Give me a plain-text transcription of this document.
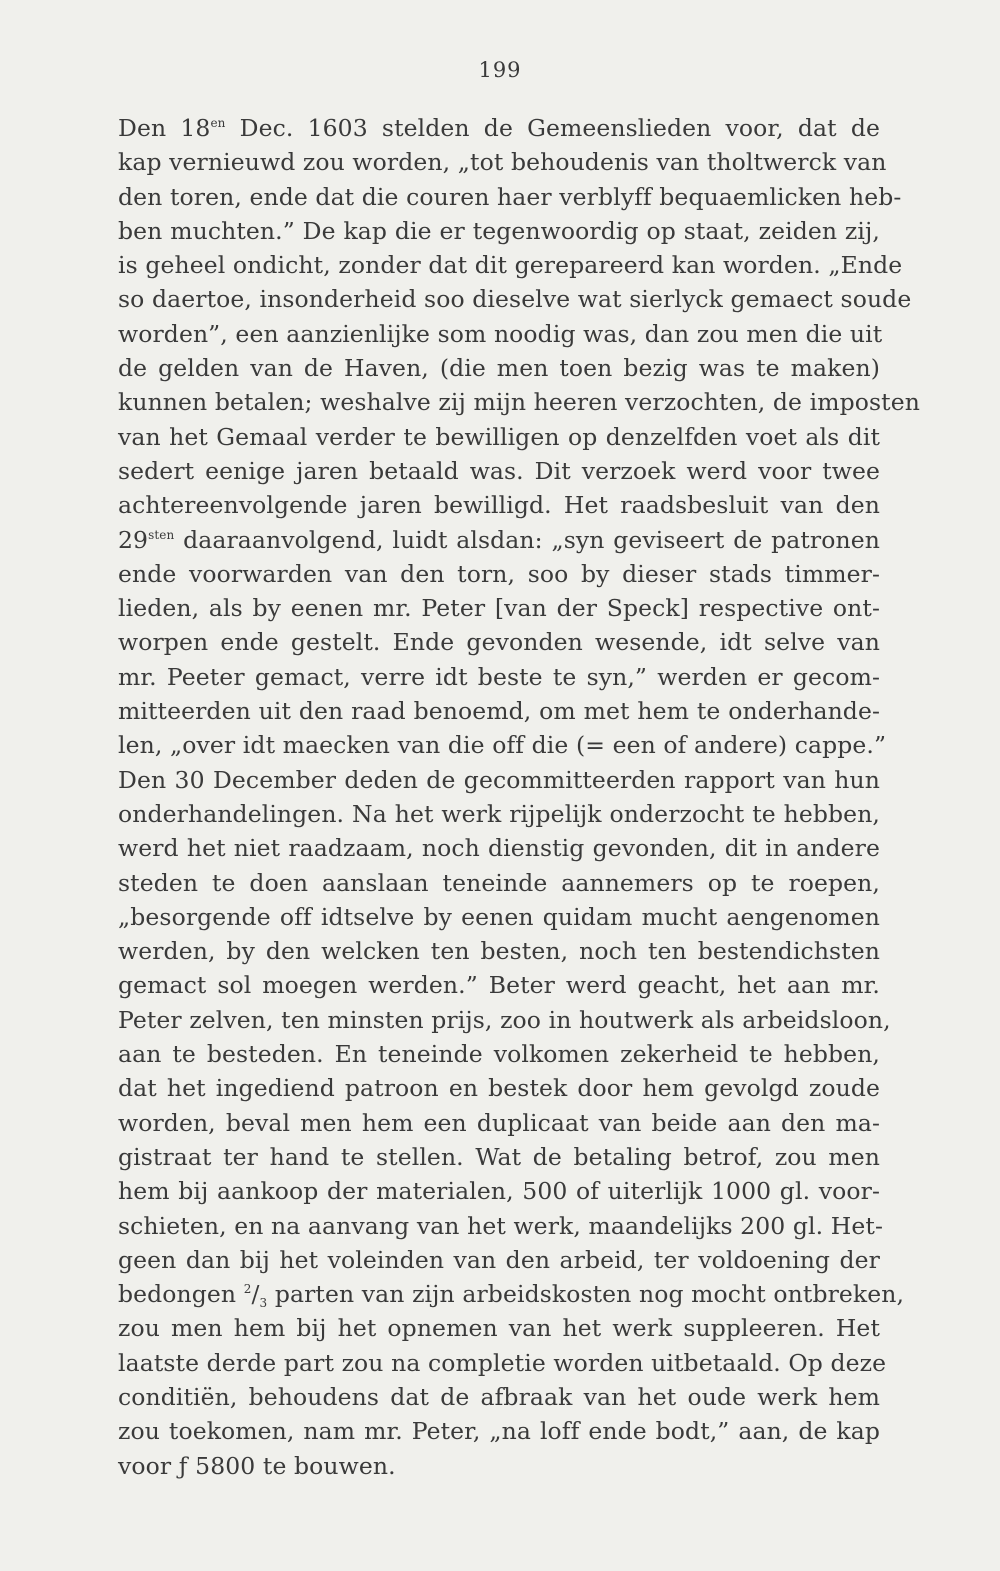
199
Den $18^{en}$ Dec. 1603 stelden de Gemeenslieden voor, dat de
kap vernieuwd zou worden, „tot behoudenis van tholtwerck van
den toren, ende dat die couren haer verblyff bequaemlicken heb-
ben muchten.” De kap die er tegenwoordig op staat, zeiden zij,
is geheel ondicht, zonder dat dit gerepareerd kan worden. „Ende
so daertoe, insonderheid soo dieselve wat sierlyck gemaect soude
worden”, een aanzienlijke som noodig was, dan zou men die uit
de gelden van de Haven, (die men toen bezig was te maken)
kunnen betalen; weshalve zij mijn heeren verzochten, de imposten
van het Gemaal verder te bewilligen op denzelfden voet als dit
sedert eenige jaren betaald was. Dit verzoek werd voor twee
achtereenvolgende jaren bewilligd. Het raadsbesluit van den
$29^{sten}$ daaraanvolgend, luidt alsdan: „syn geviseert de patronen
ende voorwarden van den torn, soo by dieser stads timmer-
lieden, als by eenen mr. Peter [van der Speck] respective ont-
worpen ende gestelt. Ende gevonden wesende, idt selve van
mr. Peeter gemact, verre idt beste te syn,” werden er gecom-
mitteerden uit den raad benoemd, om met hem te onderhande-
len, „over idt maecken van die off die (= een of andere) cappe.”
Den 30 December deden de gecommitteerden rapport van hun
onderhandelingen. Na het werk rijpelijk onderzocht te hebben,
werd het niet raadzaam, noch dienstig gevonden, dit in andere
steden te doen aanslaan teneinde aannemers op te roepen,
„besorgende off idtselve by eenen quidam mucht aengenomen
werden, by den welcken ten besten, noch ten bestendichsten
gemact sol moegen werden.” Beter werd geacht, het aan mr.
Peter zelven, ten minsten prijs, zoo in houtwerk als arbeidsloon,
aan te besteden. En teneinde volkomen zekerheid te hebben,
dat het ingediend patroon en bestek door hem gevolgd zoude
worden, beval men hem een duplicaat van beide aan den ma-
gistraat ter hand te stellen. Wat de betaling betrof, zou men
hem bij aankoop der materialen, 500 of uiterlijk 1000 gl. voor-
schieten, en na aanvang van het werk, maandelijks 200 gl. Het-
geen dan bij het voleinden van den arbeid, ter voldoening der
bedongen $^2/_3$ parten van zijn arbeidskosten nog mocht ontbreken,
zou men hem bij het opnemen van het werk suppleeren. Het
laatste derde part zou na completie worden uitbetaald. Op deze
conditiën, behoudens dat de afbraak van het oude werk hem
zou toekomen, nam mr. Peter, „na loff ende bodt,” aan, de kap
voor ƒ 5800 te bouwen.
